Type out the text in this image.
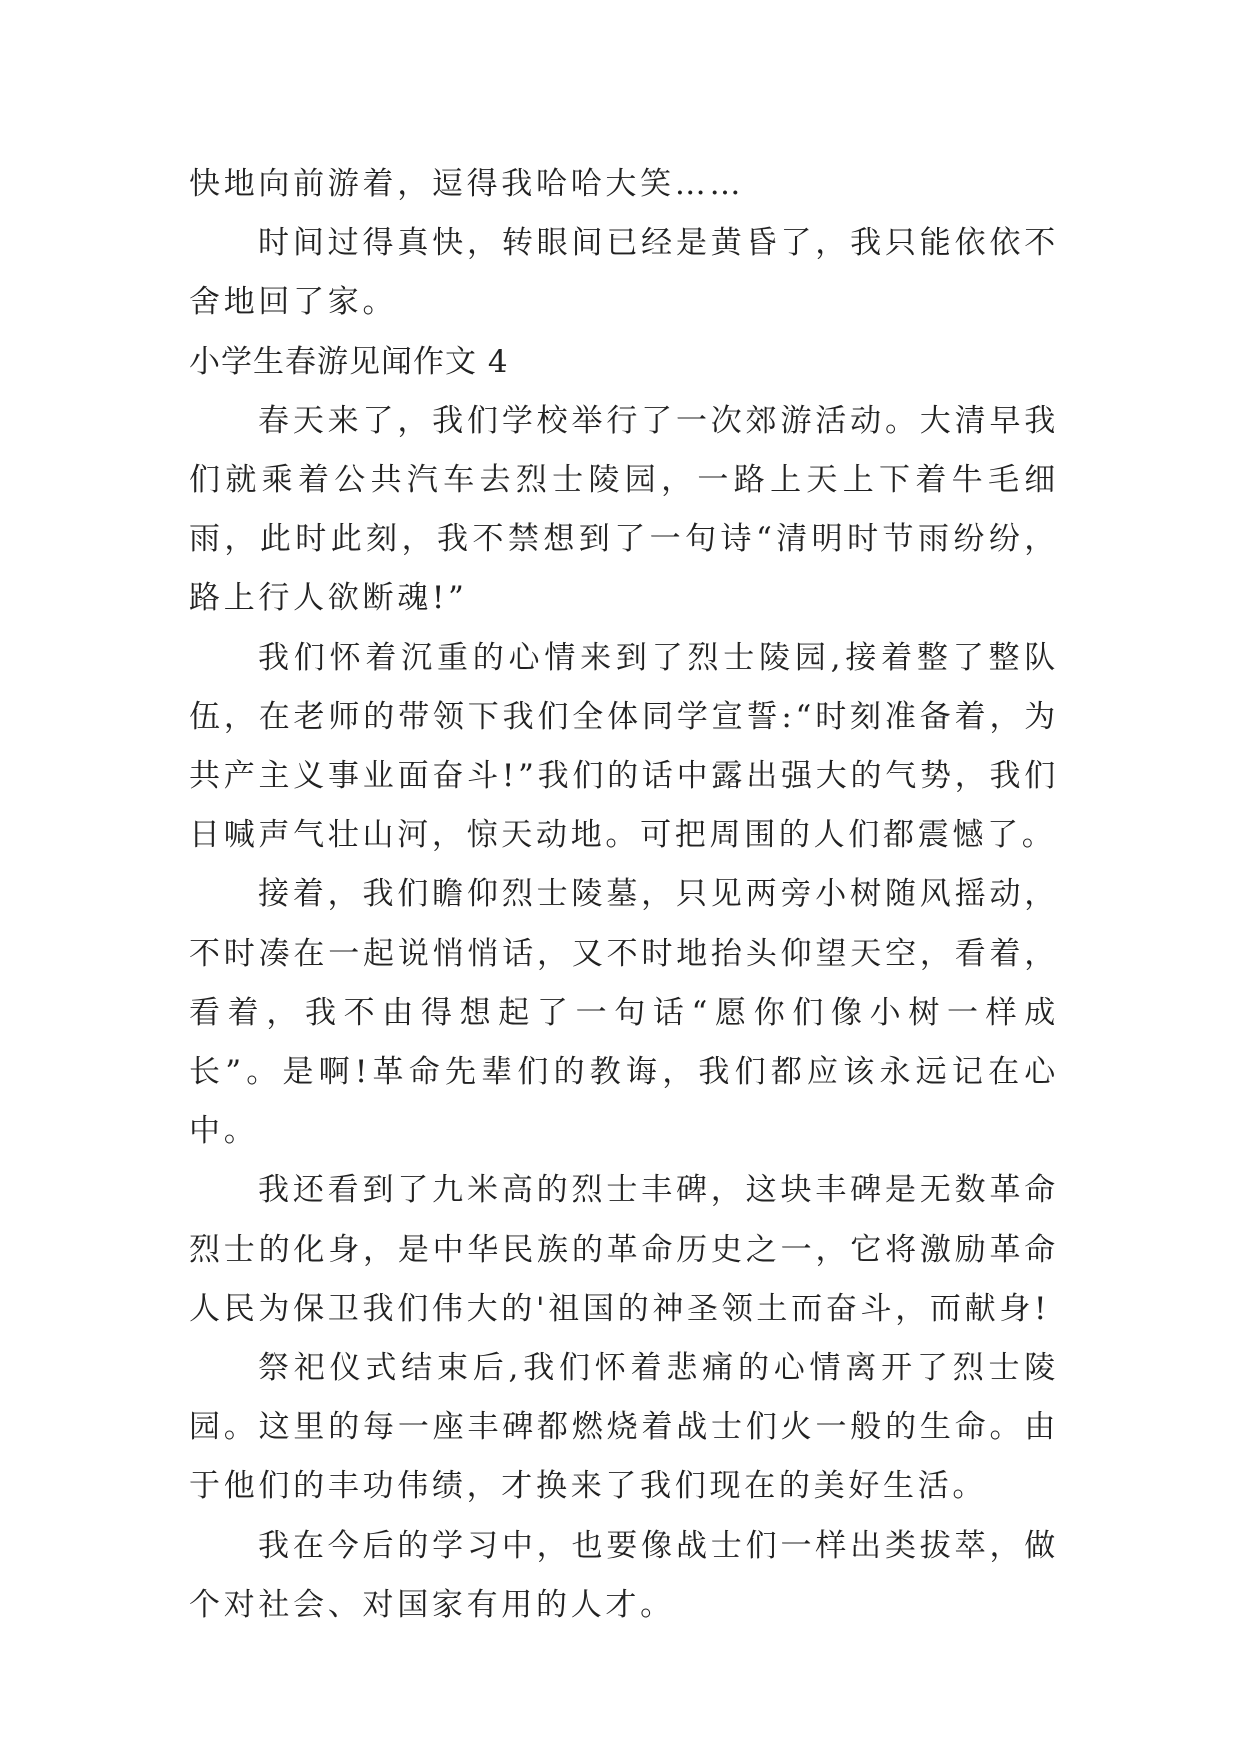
快地向前游着，逗得我哈哈大笑……

时间过得真快，转眼间已经是黄昏了，我只能依依不舍地回了家。

小学生春游见闻作文 4

春天来了，我们学校举行了一次郊游活动。大清早我们就乘着公共汽车去烈士陵园，一路上天上下着牛毛细雨，此时此刻，我不禁想到了一句诗“清明时节雨纷纷，路上行人欲断魂!”

我们怀着沉重的心情来到了烈士陵园,接着整了整队伍，在老师的带领下我们全体同学宣誓:“时刻准备着，为共产主义事业面奋斗!”我们的话中露出强大的气势，我们日喊声气壮山河，惊天动地。可把周围的人们都震憾了。

接着，我们瞻仰烈士陵墓，只见两旁小树随风摇动，不时凑在一起说悄悄话，又不时地抬头仰望天空，看着，看着，我不由得想起了一句话“愿你们像小树一样成长”。是啊!革命先辈们的教诲，我们都应该永远记在心中。

我还看到了九米高的烈士丰碑，这块丰碑是无数革命烈士的化身，是中华民族的革命历史之一，它将激励革命人民为保卫我们伟大的'祖国的神圣领土而奋斗，而献身!

祭祀仪式结束后,我们怀着悲痛的心情离开了烈士陵园。这里的每一座丰碑都燃烧着战士们火一般的生命。由于他们的丰功伟绩，才换来了我们现在的美好生活。

我在今后的学习中，也要像战士们一样出类拔萃，做个对社会、对国家有用的人才。
